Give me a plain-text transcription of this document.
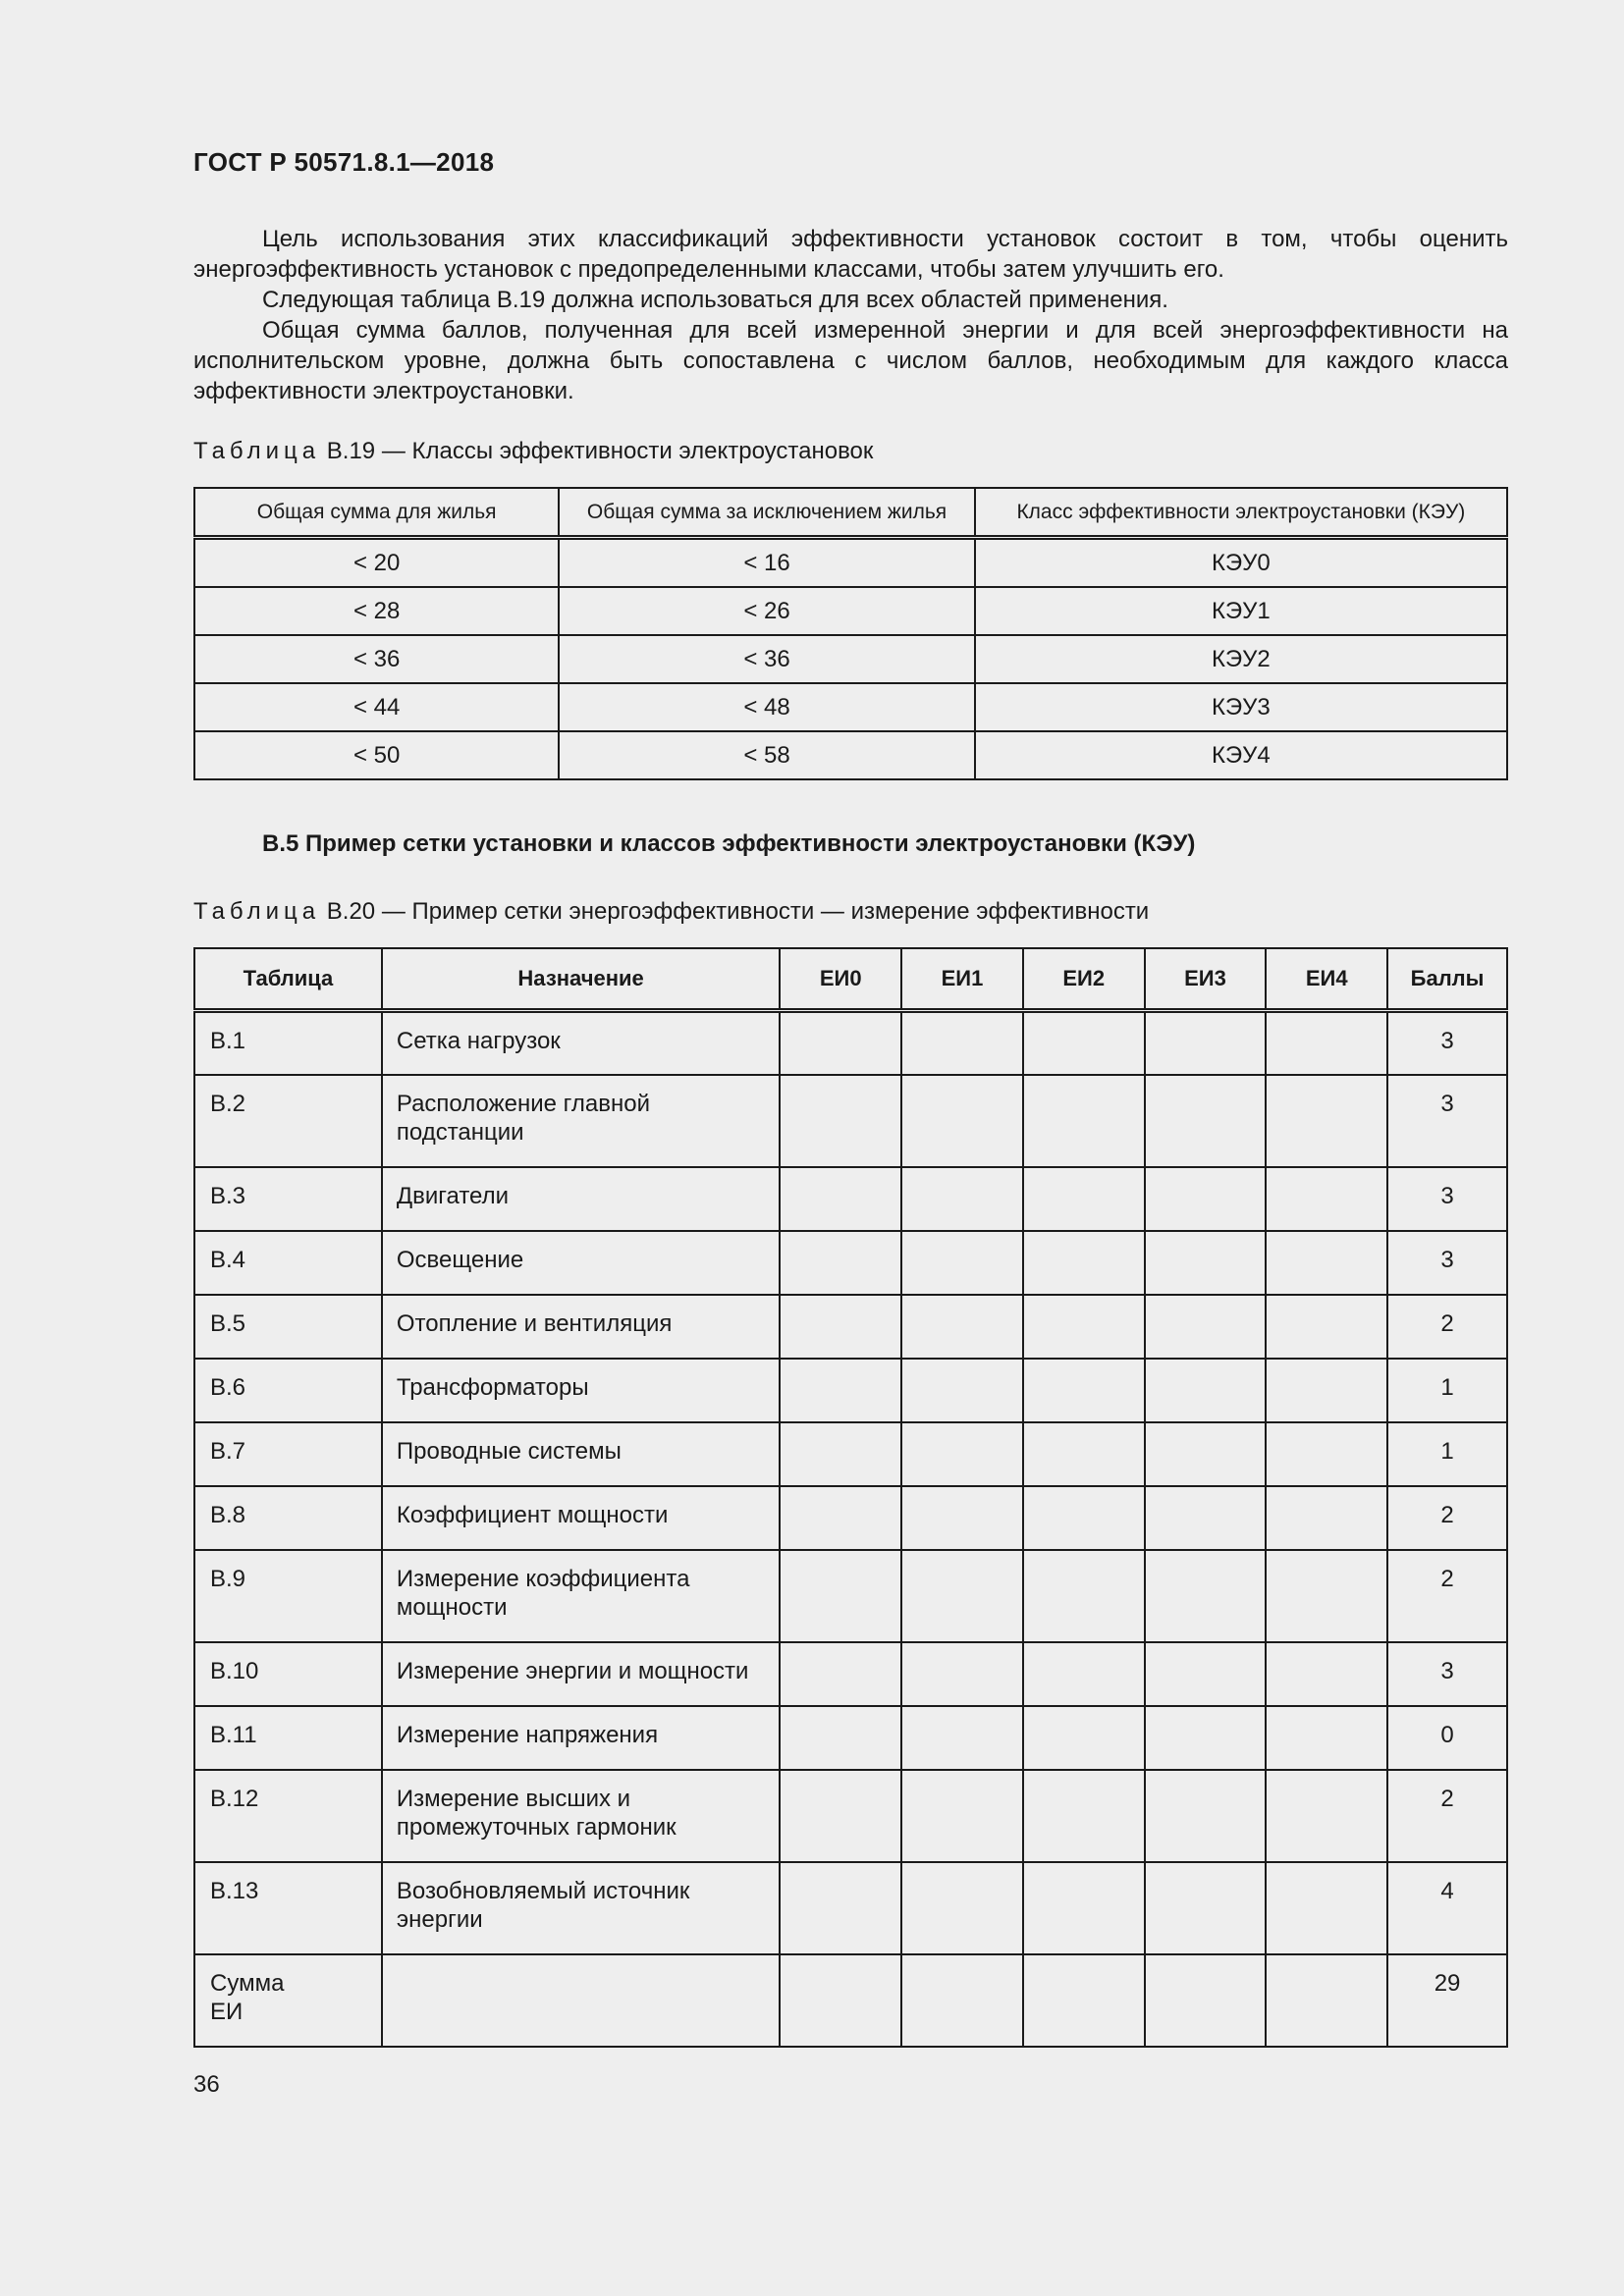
ГОСТ Р 50571.8.1—2018

Цель использования этих классификаций эффективности установок состоит в том, чтобы оценить энергоэффективность установок с предопределенными классами, чтобы затем улучшить его.

Следующая таблица В.19 должна использоваться для всех областей применения.

Общая сумма баллов, полученная для всей измеренной энергии и для всей энергоэффективности на исполнительском уровне, должна быть сопоставлена с числом баллов, необходимым для каждого класса эффективности электроустановки.

Таблица В.19 — Классы эффективности электроустановок
Общая сумма для жилья	Общая сумма за исключением жилья	Класс эффективности электроустановки (КЭУ)
< 20	< 16	КЭУ0
< 28	< 26	КЭУ1
< 36	< 36	КЭУ2
< 44	< 48	КЭУ3
< 50	< 58	КЭУ4
В.5 Пример сетки установки и классов эффективности электроустановки (КЭУ)
Таблица В.20 — Пример сетки энергоэффективности — измерение эффективности
Таблица	Назначение	ЕИ0	ЕИ1	ЕИ2	ЕИ3	ЕИ4	Баллы
В.1	Сетка нагрузок						3
В.2	Расположение главной подстанции						3
В.3	Двигатели						3
В.4	Освещение						3
В.5	Отопление и вентиляция						2
В.6	Трансформаторы						1
В.7	Проводные системы						1
В.8	Коэффициент мощности						2
В.9	Измерение коэффициента мощности						2
В.10	Измерение энергии и мощности						3
В.11	Измерение напряжения						0
В.12	Измерение высших и промежуточных гармоник						2
В.13	Возобновляемый источник энергии						4
Сумма ЕИ							29
36
